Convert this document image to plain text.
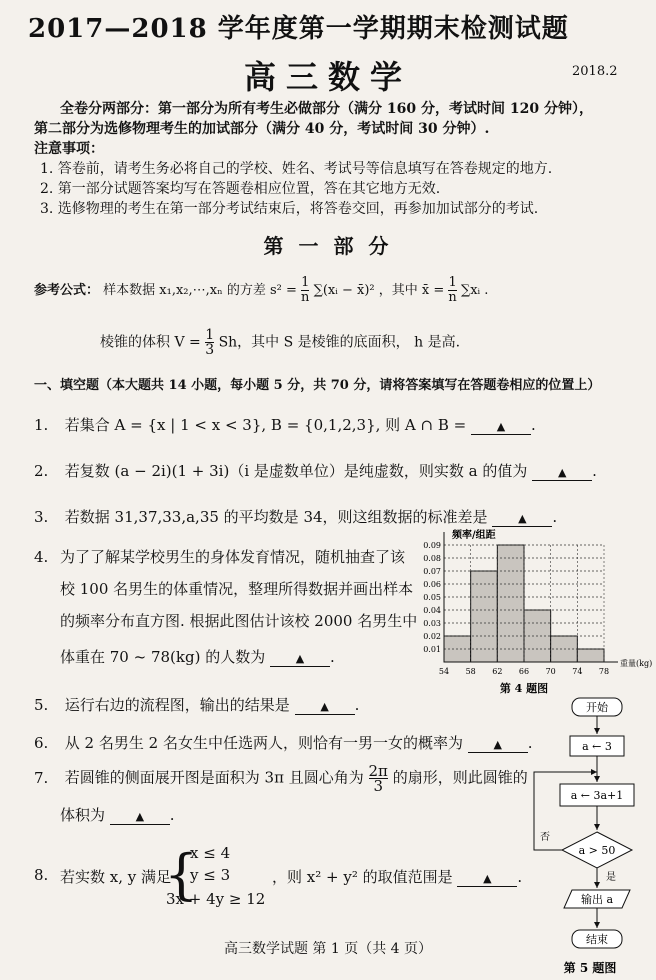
2017—2018 学年度第一学期期末检测试题
高三数学	2018.2
全卷分两部分：第一部分为所有考生必做部分（满分 160 分，考试时间 120 分钟），
第二部分为选修物理考生的加试部分（满分 40 分，考试时间 30 分钟）.
注意事项：
1. 答卷前，请考生务必将自己的学校、姓名、考试号等信息填写在答卷规定的地方.
2. 第一部分试题答案均写在答题卷相应位置，答在其它地方无效.
3. 选修物理的考生在第一部分考试结束后，将答卷交回，再参加加试部分的考试.
第 一 部 分
参考公式： 样本数据 x₁,x₂,⋯,xₙ 的方差 $s^2 = \frac{1}{n}$ ∑(xᵢ − x̄)² ，其中 x̄ = $\frac{1}{n}$ ∑xᵢ .
棱锥的体积 $V = \frac{1}{3}$ Sh，其中 S 是棱锥的底面积， h 是高.
一、填空题（本大题共 14 小题，每小题 5 分，共 70 分，请将答案填写在答题卷相应的位置上）
1. 若集合 A = {x | 1 < x < 3}, B = {0,1,2,3}, 则 A ∩ B =	▲ .
2. 若复数 (a − 2i)(1 + 3i)（i 是虚数单位）是纯虚数，则实数 a 的值为	▲ .
3. 若数据 31,37,33,a,35 的平均数是 34，则这组数据的标准差是	▲ .
4. 为了了解某学校男生的身体发育情况，随机抽查了该
校 100 名男生的体重情况，整理所得数据并画出样本
的频率分布直方图. 根据此图估计该校 2000 名男生中
体重在 70 ~ 78(kg) 的人数为	▲ .
频率/组距
0.01
0.02
0.03
0.04
0.05
0.06
0.07
0.08
0.09
54 58 62 66 70 74 78
重量(kg)
第 4 题图
5. 运行右边的流程图，输出的结果是	▲ .
6. 从 2 名男生 2 名女生中任选两人，则恰有一男一女的概率为	▲ .
7. 若圆锥的侧面展开图是面积为 3π 且圆心角为 $\frac{2\pi}{3}$ 的扇形，则此圆锥的
体积为	▲ .
8. 若实数 x, y 满足
{
x ≤ 4
y ≤ 3
3x + 4y ≥ 12
，则 x² + y² 的取值范围是	▲ .
开始
a ← 3
a ← 3a+1
a > 50
否
是
输出 a
结束
第 5 题图
高三数学试题 第 1 页（共 4 页）
